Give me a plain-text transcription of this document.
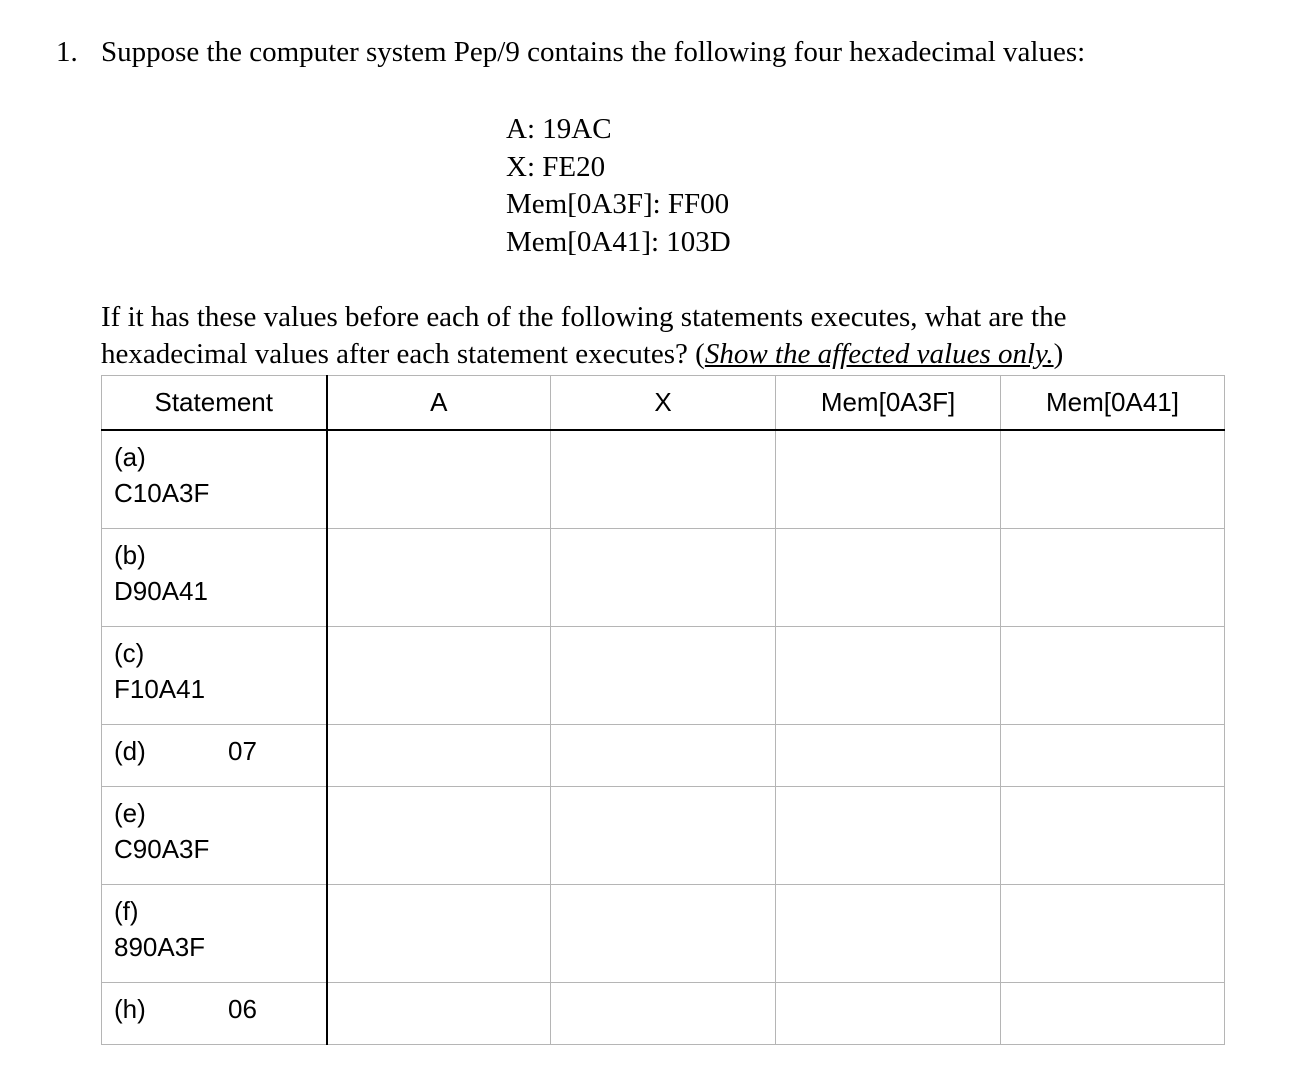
1. Suppose the computer system Pep/9 contains the following four hexadecimal values:
A: 19AC
X: FE20
Mem[0A3F]: FF00
Mem[0A41]: 103D
If it has these values before each of the following statements executes, what are the
hexadecimal values after each statement executes? (Show the affected values only.)
Statement	A	X	Mem[0A3F]	Mem[0A41]

(a)
C10A3F				

(b)
D90A41				

(c)
F10A41				

(d) 07				

(e)
C90A3F				

(f)
890A3F				

(h) 06				
